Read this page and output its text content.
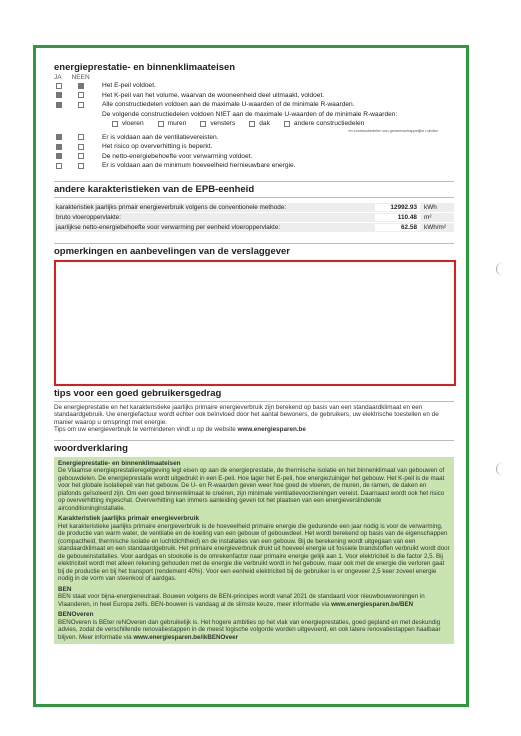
energieprestatie- en binnenklimaateisen
JA NEEN
Het E-peil voldoet.
Het K-peil van het volume, waarvan de wooneenheid deel uitmaakt, voldoet.
Alle constructiedelen voldoen aan de maximale U-waarden of de minimale R-waarden.
De volgende constructiedelen voldoen NIET aan de maximale U-waarden of de minimale R-waarden:
vloeren	muren	vensters	dak	andere constructiedelen
en constructiedelen van gemeenschappelijke ruimten
Er is voldaan aan de ventilatievereisten.
Het risico op oververhitting is beperkt.
De netto-energiebehoefte voor verwarming voldoet.
Er is voldaan aan de minimum hoeveelheid hernieuwbare energie.
andere karakteristieken van de EPB-eenheid
karakteristiek jaarlijks primair energieverbruik volgens de conventionele methode:	12992.93	kWh
bruto vloeroppervlakte:	110.48	m²
jaarlijkse netto-energiebehoefte voor verwarming per eenheid vloeroppervlakte:	62.58	kWh/m²
opmerkingen en aanbevelingen van de verslaggever
tips voor een goed gebruikersgedrag
De energieprestatie en het karakteristieke jaarlijks primaire energieverbruik zijn berekend op basis van een standaardklimaat en een standaardgebruik. Uw energiefactuur wordt echter ook beïnvloed door het aantal bewoners, de gebruikers, uw elektrische toestellen en de manier waarop u omspringt met energie.
Tips om uw energieverbruik te verminderen vindt u op de website www.energiesparen.be
woordverklaring
Energieprestatie- en binnenklimaateisen

De Vlaamse energieprestatieregelgeving legt eisen op aan de energieprestatie, de thermische isolatie en het binnenklimaat van gebouwen of gebouwdelen. De energieprestatie wordt uitgedrukt in een E-peil. Hoe lager het E-peil, hoe energiezuiniger het gebouw. Het K-peil is de maat voor het globale isolatiepeil van het gebouw. De U- en R-waarden geven weer hoe goed de vloeren, de muren, de ramen, de daken en plafonds geïsoleerd zijn. Om een goed binnenklimaat te creëren, zijn minimale ventilatievoorzieningen vereist. Daarnaast wordt ook het risico op oververhitting ingeschat. Oververhitting kan immers aanleiding geven tot het plaatsen van een energieverslindende airconditioninginstallatie.

Karakteristiek jaarlijks primair energieverbruik

Het karakteristieke jaarlijks primaire energieverbruik is de hoeveelheid primaire energie die gedurende een jaar nodig is voor de verwarming, de productie van warm water, de ventilatie en de koeling van een gebouw of gebouwdeel. Het wordt berekend op basis van de eigenschappen (compactheid, thermische isolatie en luchtdichtheid) en de installaties van een gebouw. Bij de berekening wordt uitgegaan van een standaardklimaat en een standaardgebruik. Het primaire energieverbruik drukt uit hoeveel energie uit fossiele brandstoffen verbruikt wordt door de gebouwinstallaties. Voor aardgas en stookolie is de omrekenfactor naar primaire energie gelijk aan 1. Voor elektriciteit is die factor 2,5. Bij elektriciteit wordt met alleen rekening gehouden met de energie die verbruikt wordt in het gebouw, maar ook met de energie die verloren gaat bij de productie en bij het transport (rendement 40%). Voor een eenheid elektriciteit bij de gebruiker is er ongeveer 2,5 keer zoveel energie nodig in de vorm van steenkool of aardgas.

BEN

BEN staat voor bijna-energieneutraal. Bouwen volgens de BEN-principes wordt vanaf 2021 de standaard voor nieuwbouwwoningen in Vlaanderen, in heel Europa zelfs. BEN-bouwen is vandaag al de slimste keuze, meer informatie via www.energiesparen.be/BEN

BENOveren

BENOveren is BEter reNOveren dan gebruikelijk is. Het hogere ambities op het vlak van energieprestaties, goed gepland en met deskundig advies, zodat de verschillende renovatiestappen in de meest logische volgorde worden uitgevoerd, en ook latere renovatiestappen haalbaar blijven. Meer informatie via www.energiesparen.be/ikBENOveer
